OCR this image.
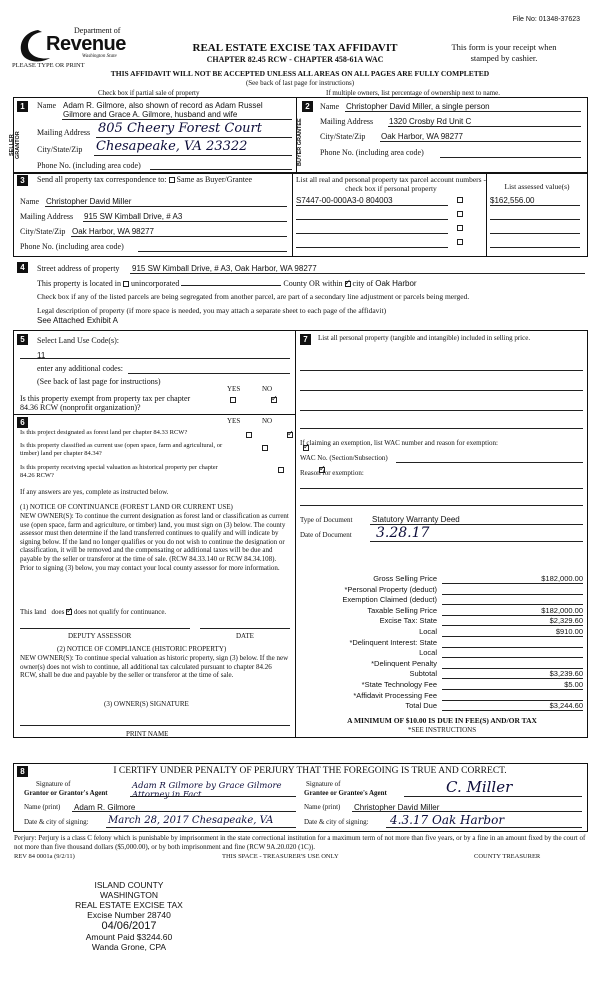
File No: 01348-37623
Department of
Revenue
Washington State
PLEASE TYPE OR PRINT
REAL ESTATE EXCISE TAX AFFIDAVIT
CHAPTER 82.45 RCW - CHAPTER 458-61A WAC
This form is your receipt when stamped by cashier.
THIS AFFIDAVIT WILL NOT BE ACCEPTED UNLESS ALL AREAS ON ALL PAGES ARE FULLY COMPLETED
(See back of last page for instructions)
Check box if partial sale of property	If multiple owners, list percentage of ownership next to name.
1
SELLER GRANTOR
Name Adam R. Gilmore, also shown of record as Adam Russel
Gilmore and Grace A. Gilmore, husband and wife
Mailing Address 805 Cheery Forest Court
City/State/Zip Chesapeake, VA 23322
Phone No. (including area code)
2
BUYER GRANTEE
Name Christopher David Miller, a single person
Mailing Address 1320 Crosby Rd Unit C
City/State/Zip Oak Harbor, WA 98277
Phone No. (including area code)
3	Send all property tax correspondence to: Same as Buyer/Grantee
Name Christopher David Miller
Mailing Address 915 SW Kimball Drive, # A3
City/State/Zip Oak Harbor, WA 98277
Phone No. (including area code)
List all real and personal property tax parcel account numbers - check box if personal property	List assessed value(s)
S7447-00-000A3-0 804003	$162,556.00
4	Street address of property 915 SW Kimball Drive, # A3, Oak Harbor, WA 98277
This property is located in unincorporated	County OR within ✓ city of Oak Harbor
Check box if any of the listed parcels are being segregated from another parcel, are part of a secondary line adjustment or parcels being merged.
Legal description of property (if more space is needed, you may attach a separate sheet to each page of the affidavit)
See Attached Exhibit A
5	Select Land Use Code(s):
11
enter any additional codes:
(See back of last page for instructions)
YES	NO
Is this property exempt from property tax per chapter 84.36 RCW (nonprofit organization)?
✓
6	YES	NO
Is this project designated as forest land per chapter 84.33 RCW?
✓
Is this property classified as current use (open space, farm and agricultural, or timber) land per chapter 84.34?
✓
Is this property receiving special valuation as historical property per chapter 84.26 RCW?
✓
If any answers are yes, complete as instructed below.
(1) NOTICE OF CONTINUANCE (FOREST LAND OR CURRENT USE)
NEW OWNER(S): To continue the current designation as forest land or classification as current use (open space, farm and agriculture, or timber) land, you must sign on (3) below. The county assessor must then determine if the land transferred continues to qualify and will indicate by signing below. If the land no longer qualifies or you do not wish to continue the designation or classification, it will be removed and the compensating or additional taxes will be due and payable by the seller or transferor at the time of sale. (RCW 84.33.140 or RCW 84.34.108). Prior to signing (3) below, you may contact your local county assessor for more information.
This land does ✓ does not qualify for continuance.
DEPUTY ASSESSOR	DATE
(2) NOTICE OF COMPLIANCE (HISTORIC PROPERTY)
NEW OWNER(S): To continue special valuation as historic property, sign (3) below. If the new owner(s) does not wish to continue, all additional tax calculated pursuant to chapter 84.26 RCW, shall be due and payable by the seller or transferor at the time of sale.
(3) OWNER(S) SIGNATURE
PRINT NAME
7	List all personal property (tangible and intangible) included in selling price.
If claiming an exemption, list WAC number and reason for exemption:
WAC No. (Section/Subsection)
Reason for exemption:
Type of Document Statutory Warranty Deed
Date of Document 3.28.17
Gross Selling Price	$182,000.00
*Personal Property (deduct)
Exemption Claimed (deduct)
Taxable Selling Price	$182,000.00
Excise Tax: State	$2,329.60
Local	$910.00
*Delinquent Interest: State
Local
*Delinquent Penalty
Subtotal	$3,239.60
*State Technology Fee	$5.00
*Affidavit Processing Fee
Total Due	$3,244.60
A MINIMUM OF $10.00 IS DUE IN FEE(S) AND/OR TAX
*SEE INSTRUCTIONS
8	I CERTIFY UNDER PENALTY OF PERJURY THAT THE FOREGOING IS TRUE AND CORRECT.
Signature of
Grantor or Grantor's Agent
Adam R Gilmore by Grace Gilmore Attorney in Fact
Name (print) Adam R. Gilmore
Date & city of signing: March 28, 2017 Chesapeake, VA
Signature of
Grantee or Grantee's Agent	C. Miller
Name (print) Christopher David Miller
Date & city of signing: 4.3.17 Oak Harbor
Perjury: Perjury is a class C felony which is punishable by imprisonment in the state correctional institution for a maximum term of not more than five years, or by a fine in an amount fixed by the court of not more than five thousand dollars ($5,000.00), or by both imprisonment and fine (RCW 9A.20.020 (1C)).
REV 84 0001a (9/2/11)	THIS SPACE - TREASURER'S USE ONLY	COUNTY TREASURER
ISLAND COUNTY WASHINGTON
REAL ESTATE EXCISE TAX
Excise Number 28740
04/06/2017
Amount Paid $3244.60
Wanda Grone, CPA
